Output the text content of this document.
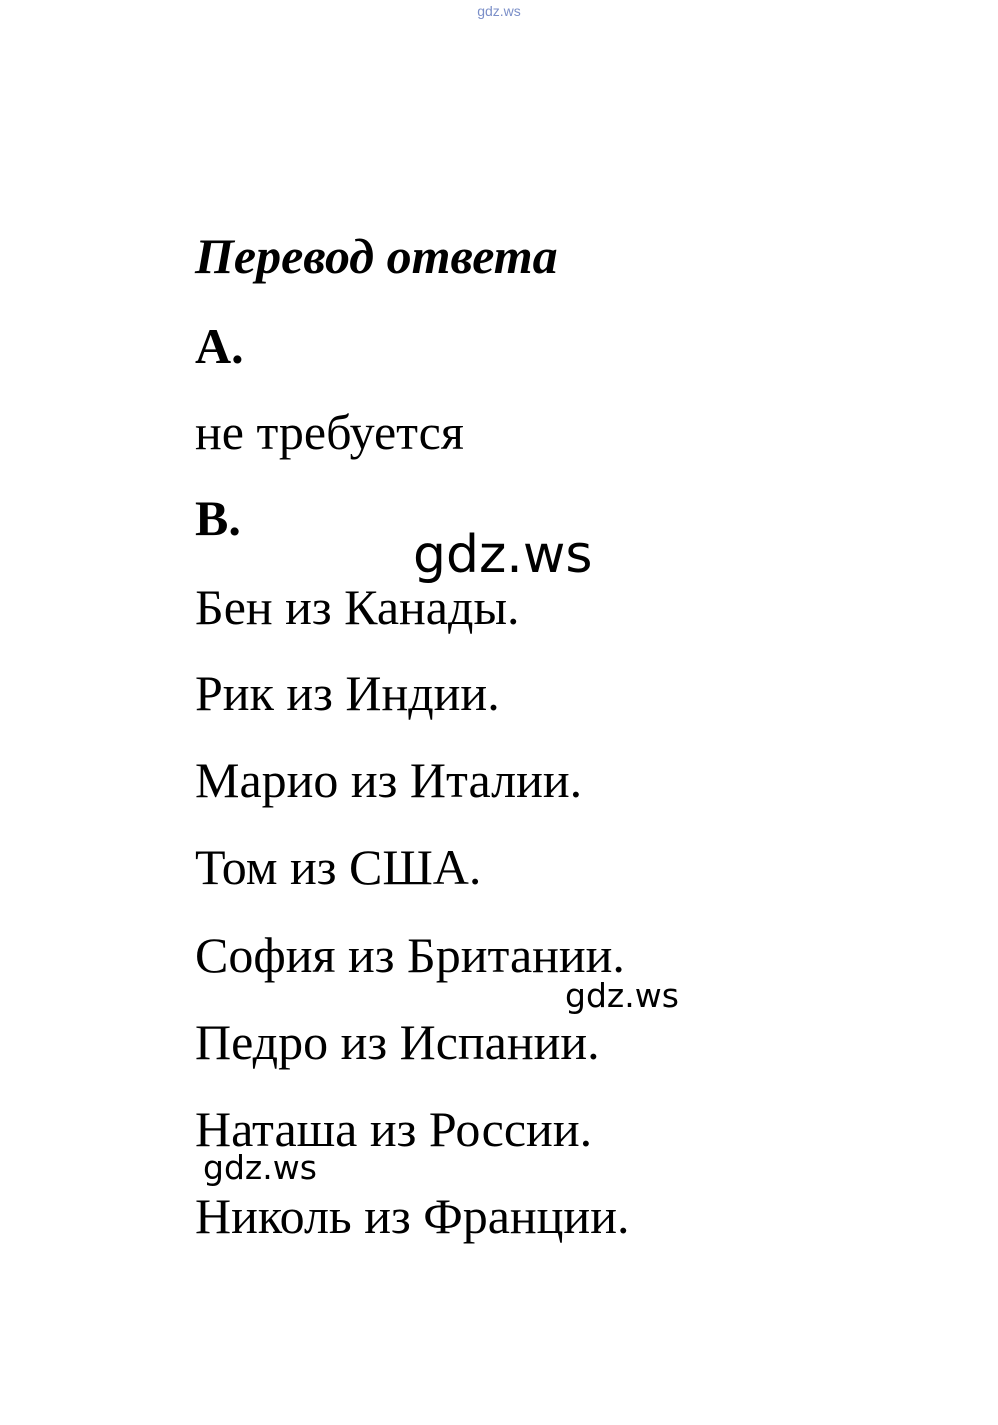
gdz.ws
Перевод ответа
A.
не требуется
B.
Бен из Канады.
Рик из Индии.
Марио из Италии.
Том из США.
София из Британии.
Педро из Испании.
Наташа из России.
Николь из Франции.
gdz.ws
gdz.ws
gdz.ws
